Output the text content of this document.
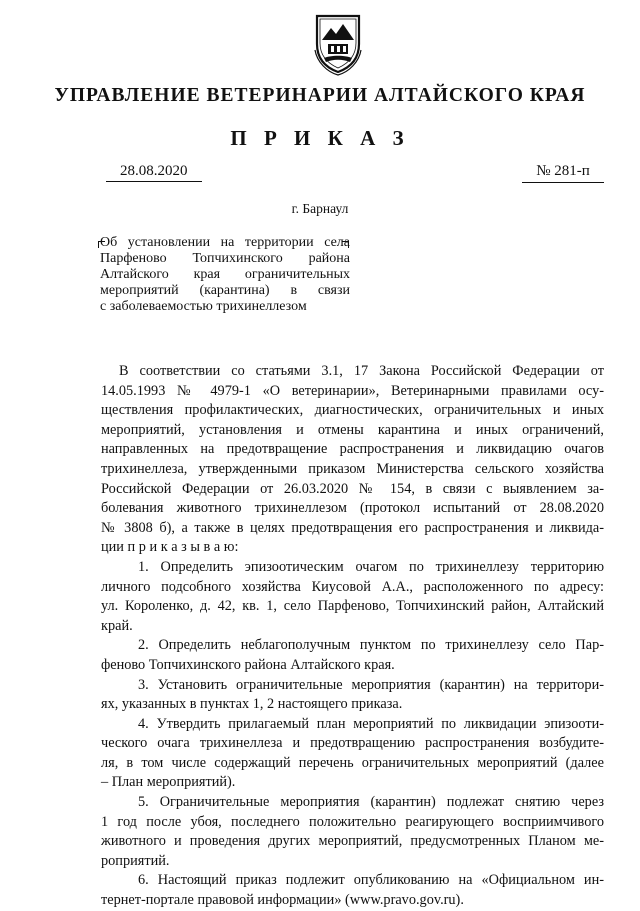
УПРАВЛЕНИЕ ВЕТЕРИНАРИИ АЛТАЙСКОГО КРАЯ
П Р И К А З
28.08.2020	№ 281-п
г. Барнаул
Об установлении на территории села
Парфеново Топчихинского района
Алтайского края ограничительных
мероприятий (карантина) в связи
с заболеваемостью трихинеллезом
В соответствии со статьями 3.1, 17 Закона Российской Федерации от
14.05.1993 № 4979-1 «О ветеринарии», Ветеринарными правилами осу-
ществления профилактических, диагностических, ограничительных и иных
мероприятий, установления и отмены карантина и иных ограничений,
направленных на предотвращение распространения и ликвидацию очагов
трихинеллеза, утвержденными приказом Министерства сельского хозяйства
Российской Федерации от 26.03.2020 № 154, в связи с выявлением за-
болевания животного трихинеллезом (протокол испытаний от 28.08.2020
№ 3808 б), а также в целях предотвращения его распространения и ликвида-
ции п р и к а з ы в а ю:
1. Определить эпизоотическим очагом по трихинеллезу территорию
личного подсобного хозяйства Киусовой А.А., расположенного по адресу:
ул. Короленко, д. 42, кв. 1, село Парфеново, Топчихинский район, Алтайский
край.
2. Определить неблагополучным пунктом по трихинеллезу село Пар-
феново Топчихинского района Алтайского края.
3. Установить ограничительные мероприятия (карантин) на территори-
ях, указанных в пунктах 1, 2 настоящего приказа.
4. Утвердить прилагаемый план мероприятий по ликвидации эпизооти-
ческого очага трихинеллеза и предотвращению распространения возбудите-
ля, в том числе содержащий перечень ограничительных мероприятий (далее
– План мероприятий).
5. Ограничительные мероприятия (карантин) подлежат снятию через
1 год после убоя, последнего положительно реагирующего восприимчивого
животного и проведения других мероприятий, предусмотренных Планом ме-
роприятий.
6. Настоящий приказ подлежит опубликованию на «Официальном ин-
тернет-портале правовой информации» (www.pravo.gov.ru).
